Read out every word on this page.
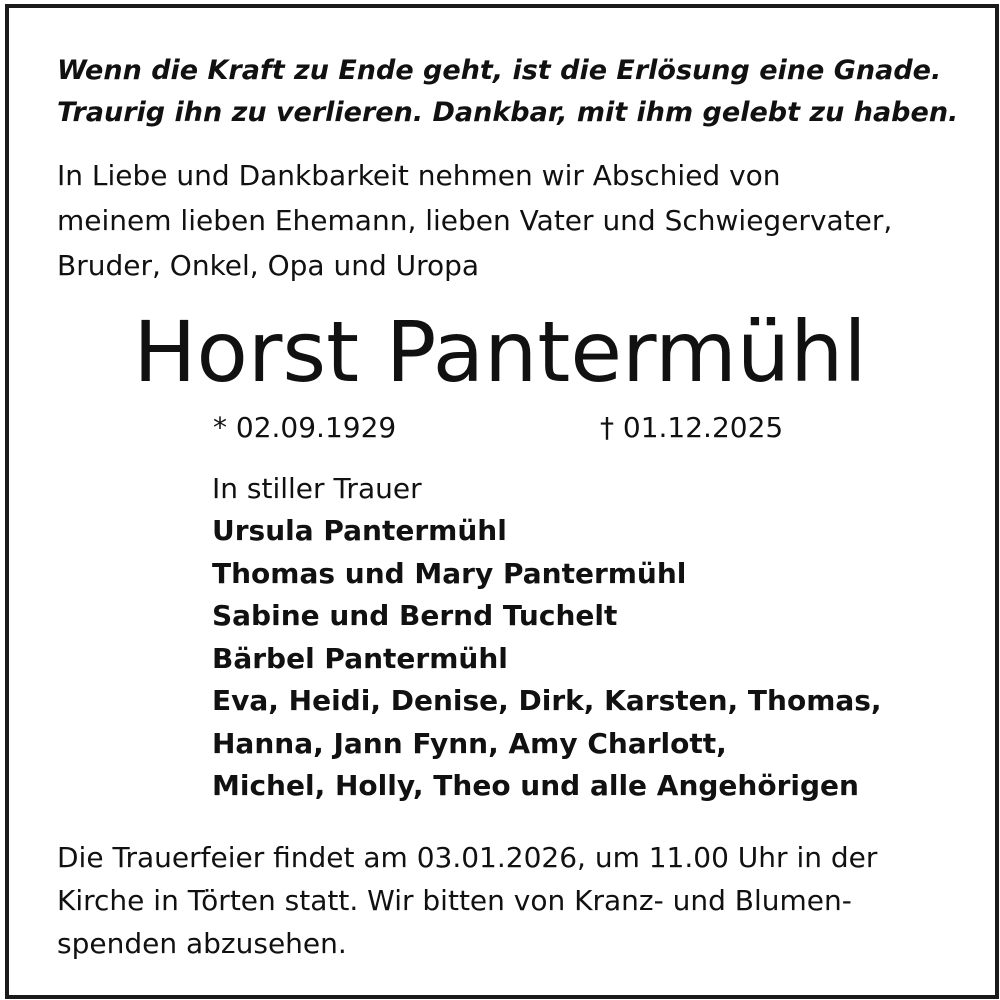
Wenn die Kraft zu Ende geht, ist die Erlösung eine Gnade.
Traurig ihn zu verlieren. Dankbar, mit ihm gelebt zu haben.

In Liebe und Dankbarkeit nehmen wir Abschied von
meinem lieben Ehemann, lieben Vater und Schwiegervater,
Bruder, Onkel, Opa und Uropa

Horst Pantermühl
* 02.09.1929	† 01.12.2025
In stiller Trauer
Ursula Pantermühl
Thomas und Mary Pantermühl
Sabine und Bernd Tuchelt
Bärbel Pantermühl
Eva, Heidi, Denise, Dirk, Karsten, Thomas,
Hanna, Jann Fynn, Amy Charlott,
Michel, Holly, Theo und alle Angehörigen

Die Trauerfeier findet am 03.01.2026, um 11.00 Uhr in der
Kirche in Törten statt. Wir bitten von Kranz- und Blumen-
spenden abzusehen.
